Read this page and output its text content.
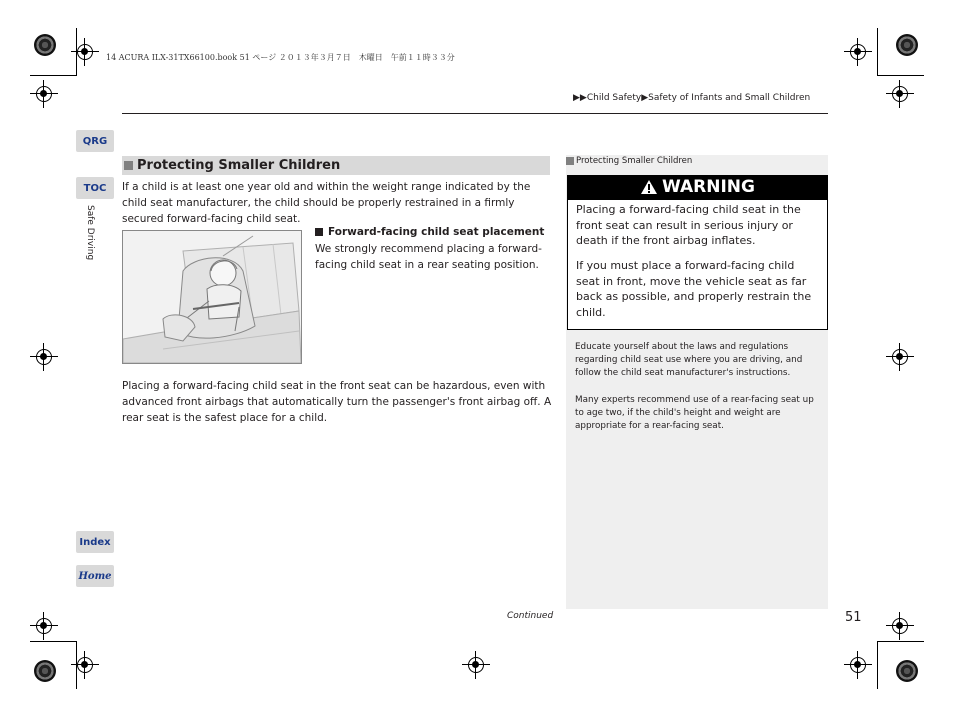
14 ACURA ILX-31TX66100.book 51 ページ ２０１３年３月７日　木曜日　午前１１時３３分
▶▶Child Safety▶Safety of Infants and Small Children
QRG
TOC
Safe Driving
Index
Home
Protecting Smaller Children
If a child is at least one year old and within the weight range indicated by the child seat manufacturer, the child should be properly restrained in a firmly secured forward-facing child seat.
Forward-facing child seat placement
We strongly recommend placing a forward-facing child seat in a rear seating position.
Placing a forward-facing child seat in the front seat can be hazardous, even with advanced front airbags that automatically turn the passenger's front airbag off. A rear seat is the safest place for a child.
Protecting Smaller Children
WARNING
Placing a forward-facing child seat in the front seat can result in serious injury or death if the front airbag inflates.
If you must place a forward-facing child seat in front, move the vehicle seat as far back as possible, and properly restrain the child.
Educate yourself about the laws and regulations regarding child seat use where you are driving, and follow the child seat manufacturer's instructions.
Many experts recommend use of a rear-facing seat up to age two, if the child's height and weight are appropriate for a rear-facing seat.
Continued	51
